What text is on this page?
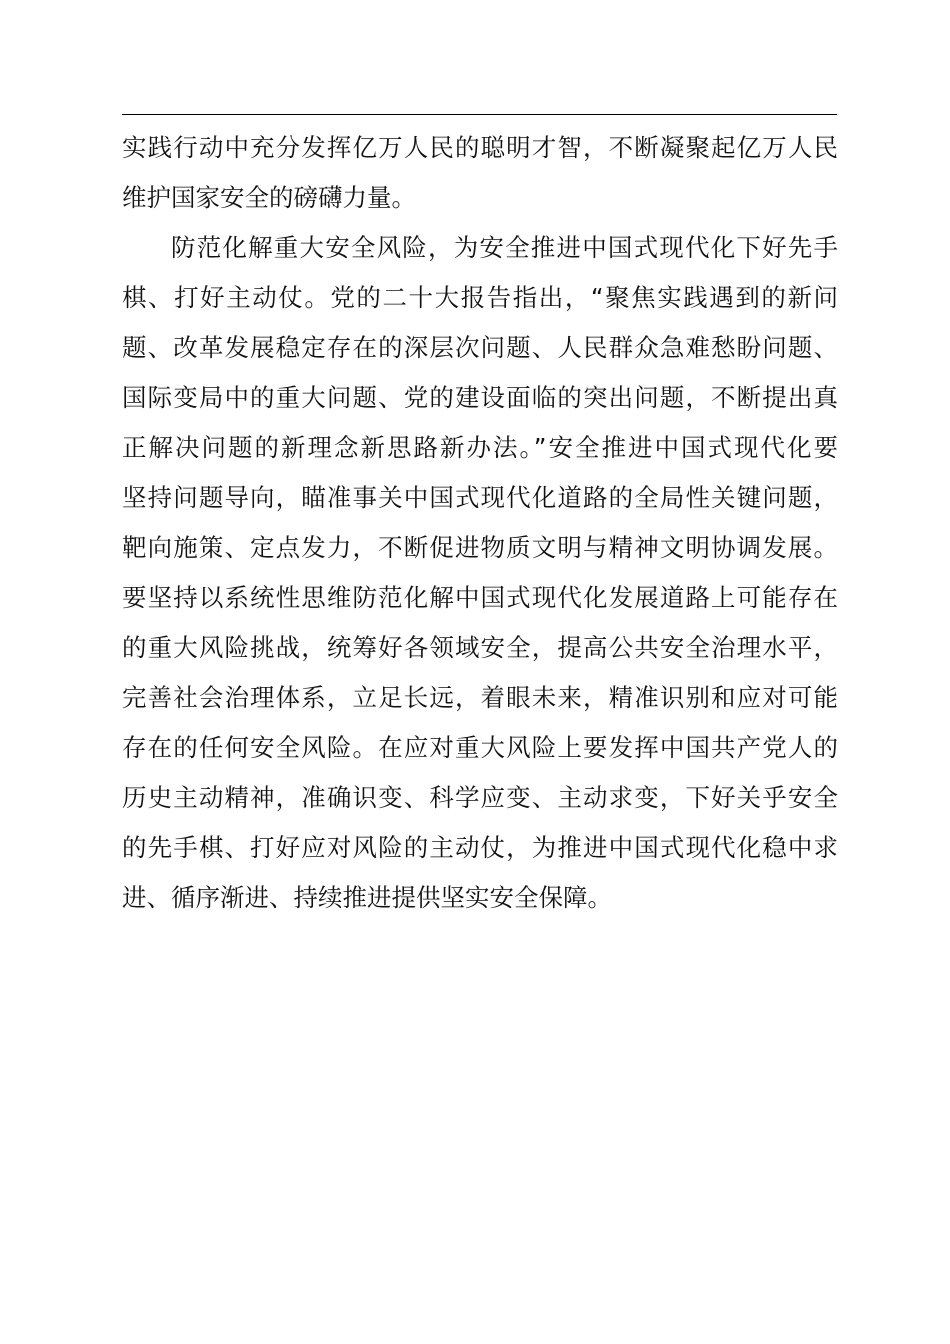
实践行动中充分发挥亿万人民的聪明才智，不断凝聚起亿万人民
维护国家安全的磅礴力量。
防范化解重大安全风险，为安全推进中国式现代化下好先手
棋、打好主动仗。党的二十大报告指出，“聚焦实践遇到的新问
题、改革发展稳定存在的深层次问题、人民群众急难愁盼问题、
国际变局中的重大问题、党的建设面临的突出问题，不断提出真
正解决问题的新理念新思路新办法。”安全推进中国式现代化要
坚持问题导向，瞄准事关中国式现代化道路的全局性关键问题，
靶向施策、定点发力，不断促进物质文明与精神文明协调发展。
要坚持以系统性思维防范化解中国式现代化发展道路上可能存在
的重大风险挑战，统筹好各领域安全，提高公共安全治理水平，
完善社会治理体系，立足长远，着眼未来，精准识别和应对可能
存在的任何安全风险。在应对重大风险上要发挥中国共产党人的
历史主动精神，准确识变、科学应变、主动求变，下好关乎安全
的先手棋、打好应对风险的主动仗，为推进中国式现代化稳中求
进、循序渐进、持续推进提供坚实安全保障。
